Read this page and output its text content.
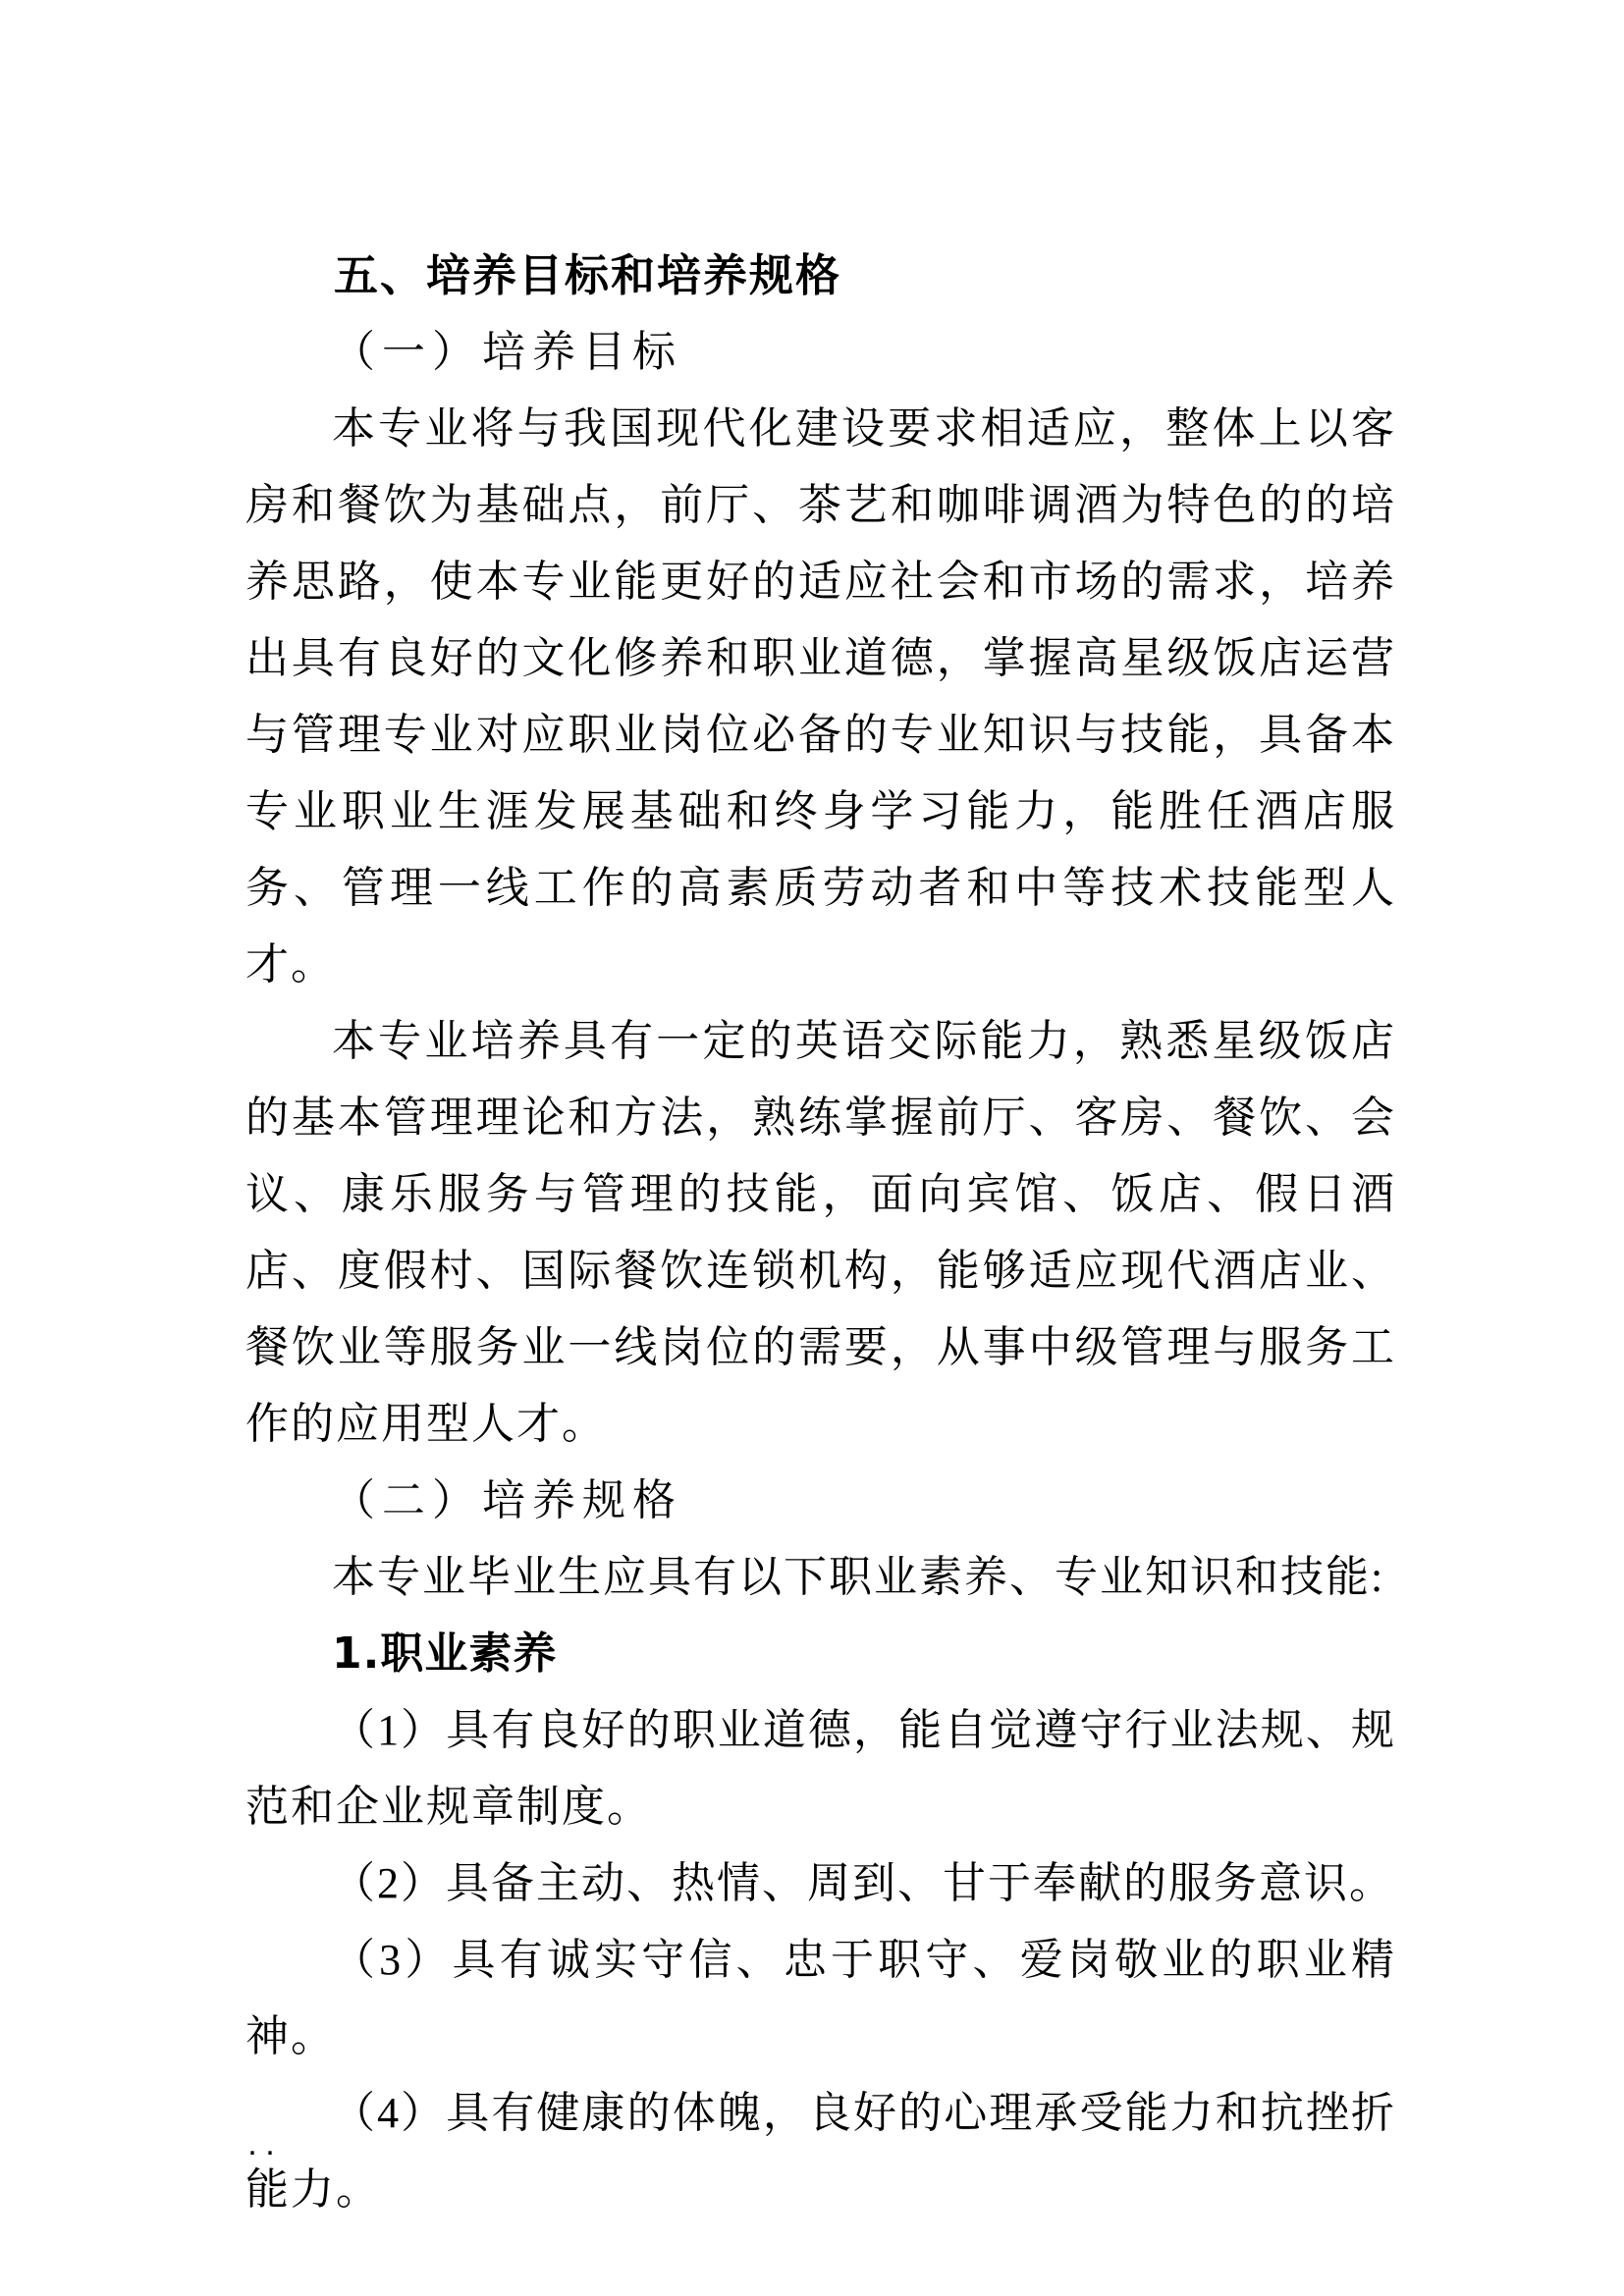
五、培养目标和培养规格
（一）培养目标

本专业将与我国现代化建设要求相适应，整体上以客房和餐饮为基础点，前厅、茶艺和咖啡调酒为特色的的培养思路，使本专业能更好的适应社会和市场的需求，培养出具有良好的文化修养和职业道德，掌握高星级饭店运营与管理专业对应职业岗位必备的专业知识与技能，具备本专业职业生涯发展基础和终身学习能力，能胜任酒店服务、管理一线工作的高素质劳动者和中等技术技能型人才。

本专业培养具有一定的英语交际能力，熟悉星级饭店的基本管理理论和方法，熟练掌握前厅、客房、餐饮、会议、康乐服务与管理的技能，面向宾馆、饭店、假日酒店、度假村、国际餐饮连锁机构，能够适应现代酒店业、餐饮业等服务业一线岗位的需要，从事中级管理与服务工作的应用型人才。

（二）培养规格

本专业毕业生应具有以下职业素养、专业知识和技能:

1.职业素养

（1）具有良好的职业道德，能自觉遵守行业法规、规范和企业规章制度。

（2）具备主动、热情、周到、甘于奉献的服务意识。

（3）具有诚实守信、忠于职守、爱岗敬业的职业精神。

（4）具有健康的体魄，良好的心理承受能力和抗挫折能力。

..
